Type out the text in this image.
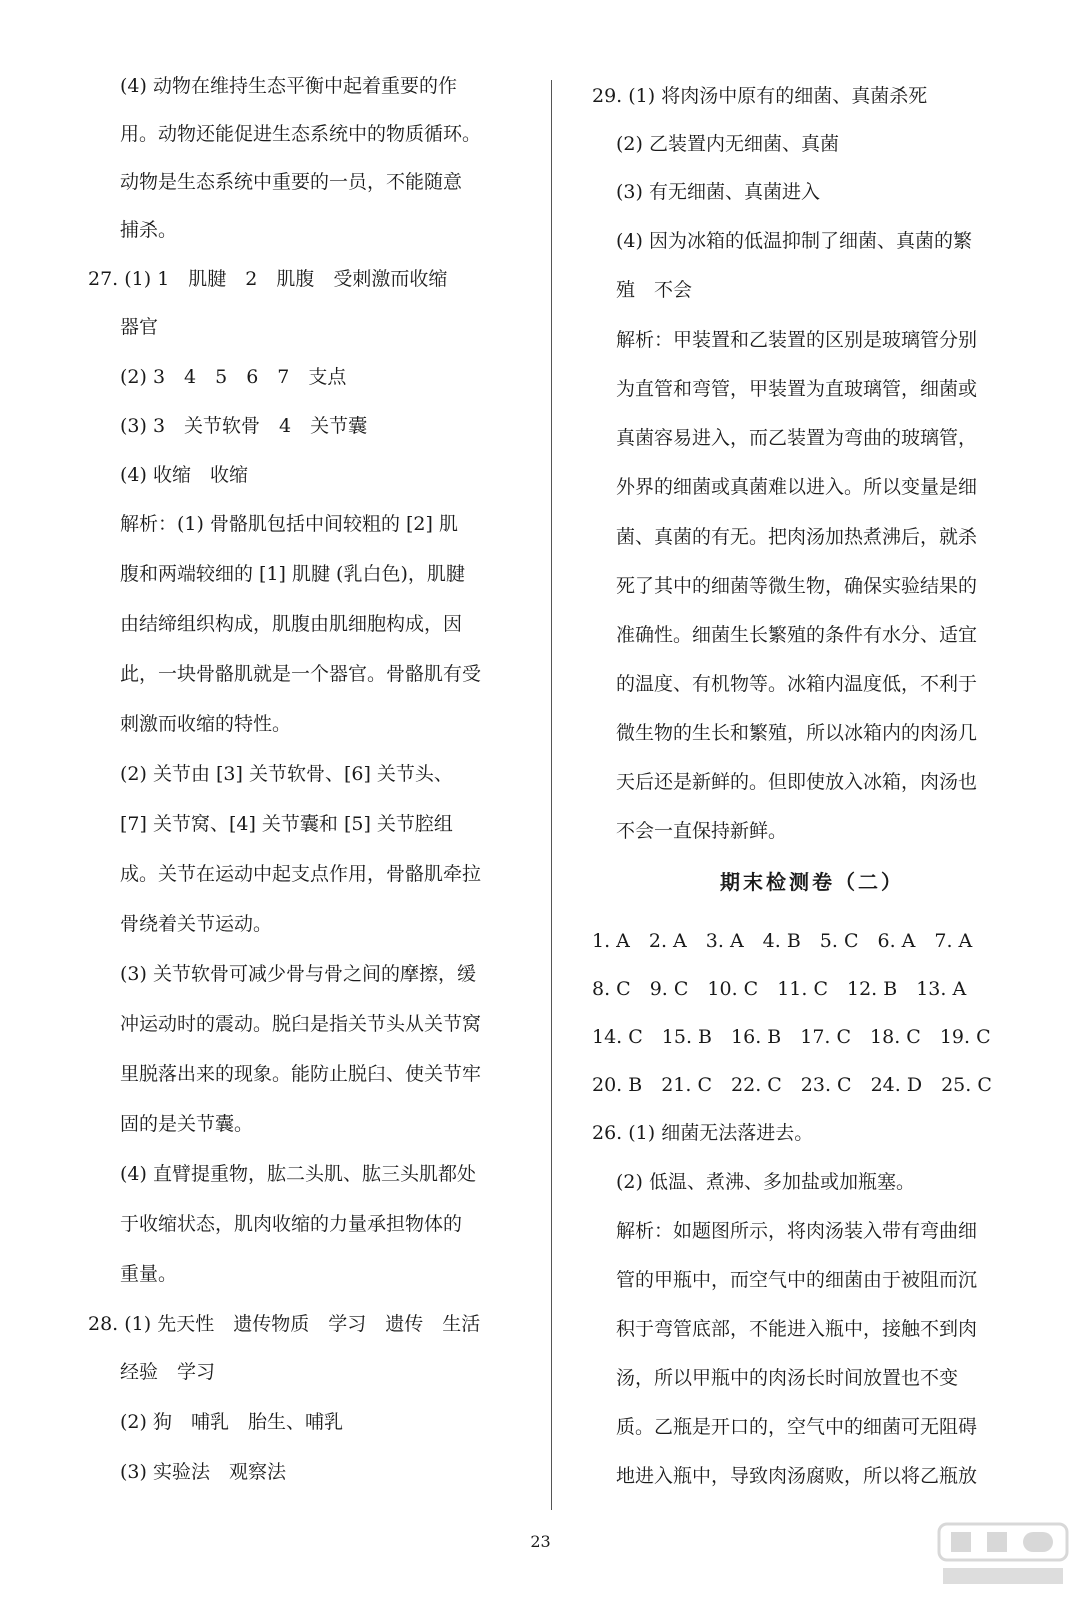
(4) 动物在维持生态平衡中起着重要的作
用。动物还能促进生态系统中的物质循环。
动物是生态系统中重要的一员，不能随意
捕杀。
27. (1) 1　肌腱　2　肌腹　受刺激而收缩
器官
(2) 3　4　5　6　7　支点
(3) 3　关节软骨　4　关节囊
(4) 收缩　收缩
解析：(1) 骨骼肌包括中间较粗的 [2] 肌
腹和两端较细的 [1] 肌腱 (乳白色)，肌腱
由结缔组织构成，肌腹由肌细胞构成，因
此，一块骨骼肌就是一个器官。骨骼肌有受
刺激而收缩的特性。
(2) 关节由 [3] 关节软骨、[6] 关节头、
[7] 关节窝、[4] 关节囊和 [5] 关节腔组
成。关节在运动中起支点作用，骨骼肌牵拉
骨绕着关节运动。
(3) 关节软骨可减少骨与骨之间的摩擦，缓
冲运动时的震动。脱臼是指关节头从关节窝
里脱落出来的现象。能防止脱臼、使关节牢
固的是关节囊。
(4) 直臂提重物，肱二头肌、肱三头肌都处
于收缩状态，肌肉收缩的力量承担物体的
重量。
28. (1) 先天性　遗传物质　学习　遗传　生活
经验　学习
(2) 狗　哺乳　胎生、哺乳
(3) 实验法　观察法
29. (1) 将肉汤中原有的细菌、真菌杀死
(2) 乙装置内无细菌、真菌
(3) 有无细菌、真菌进入
(4) 因为冰箱的低温抑制了细菌、真菌的繁
殖　不会
解析：甲装置和乙装置的区别是玻璃管分别
为直管和弯管，甲装置为直玻璃管，细菌或
真菌容易进入，而乙装置为弯曲的玻璃管，
外界的细菌或真菌难以进入。所以变量是细
菌、真菌的有无。把肉汤加热煮沸后，就杀
死了其中的细菌等微生物，确保实验结果的
准确性。细菌生长繁殖的条件有水分、适宜
的温度、有机物等。冰箱内温度低，不利于
微生物的生长和繁殖，所以冰箱内的肉汤几
天后还是新鲜的。但即使放入冰箱，肉汤也
不会一直保持新鲜。
期末检测卷（二）
1. A　2. A　3. A　4. B　5. C　6. A　7. A
8. C　9. C　10. C　11. C　12. B　13. A
14. C　15. B　16. B　17. C　18. C　19. C
20. B　21. C　22. C　23. C　24. D　25. C
26. (1) 细菌无法落进去。
(2) 低温、煮沸、多加盐或加瓶塞。
解析：如题图所示，将肉汤装入带有弯曲细
管的甲瓶中，而空气中的细菌由于被阻而沉
积于弯管底部，不能进入瓶中，接触不到肉
汤，所以甲瓶中的肉汤长时间放置也不变
质。乙瓶是开口的，空气中的细菌可无阻碍
地进入瓶中，导致肉汤腐败，所以将乙瓶放
23
